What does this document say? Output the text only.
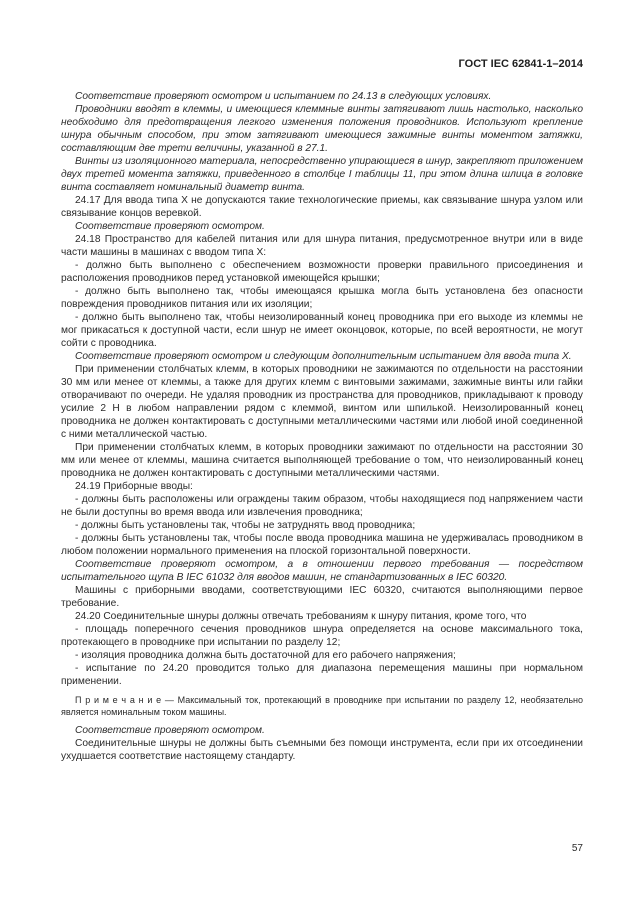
ГОСТ IEC 62841-1–2014

Соответствие проверяют осмотром и испытанием по 24.13 в следующих условиях.

Проводники вводят в клеммы, и имеющиеся клеммные винты затягивают лишь настолько, насколько необходимо для предотвращения легкого изменения положения проводников. Используют крепление шнура обычным способом, при этом затягивают имеющиеся зажимные винты моментом затяжки, составляющим две трети величины, указанной в 27.1.

Винты из изоляционного материала, непосредственно упирающиеся в шнур, закрепляют приложением двух третей момента затяжки, приведенного в столбце I таблицы 11, при этом длина шлица в головке винта составляет номинальный диаметр винта.

24.17 Для ввода типа X не допускаются такие технологические приемы, как связывание шнура узлом или связывание концов веревкой.

Соответствие проверяют осмотром.

24.18 Пространство для кабелей питания или для шнура питания, предусмотренное внутри или в виде части машины в машинах с вводом типа X:

- должно быть выполнено с обеспечением возможности проверки правильного присоединения и расположения проводников перед установкой имеющейся крышки;

- должно быть выполнено так, чтобы имеющаяся крышка могла быть установлена без опасности повреждения проводников питания или их изоляции;

- должно быть выполнено так, чтобы неизолированный конец проводника при его выходе из клеммы не мог прикасаться к доступной части, если шнур не имеет оконцовок, которые, по всей вероятности, не могут сойти с проводника.

Соответствие проверяют осмотром и следующим дополнительным испытанием для ввода типа X.

При применении столбчатых клемм, в которых проводники не зажимаются по отдельности на расстоянии 30 мм или менее от клеммы, а также для других клемм с винтовыми зажимами, зажимные винты или гайки отворачивают по очереди. Не удаляя проводник из пространства для проводников, прикладывают к проводу усилие 2 Н в любом направлении рядом с клеммой, винтом или шпилькой. Неизолированный конец проводника не должен контактировать с доступными металлическими частями или любой иной соединенной с ними металлической частью.

При применении столбчатых клемм, в которых проводники зажимают по отдельности на расстоянии 30 мм или менее от клеммы, машина считается выполняющей требование о том, что неизолированный конец проводника не должен контактировать с доступными металлическими частями.

24.19 Приборные вводы:

- должны быть расположены или ограждены таким образом, чтобы находящиеся под напряжением части не были доступны во время ввода или извлечения проводника;

- должны быть установлены так, чтобы не затруднять ввод проводника;

- должны быть установлены так, чтобы после ввода проводника машина не удерживалась проводником в любом положении нормального применения на плоской горизонтальной поверхности.

Соответствие проверяют осмотром, а в отношении первого требования — посредством испытательного щупа B IEC 61032 для вводов машин, не стандартизованных в IEC 60320.

Машины с приборными вводами, соответствующими IEC 60320, считаются выполняющими первое требование.

24.20 Соединительные шнуры должны отвечать требованиям к шнуру питания, кроме того, что

- площадь поперечного сечения проводников шнура определяется на основе максимального тока, протекающего в проводнике при испытании по разделу 12;

- изоляция проводника должна быть достаточной для его рабочего напряжения;

- испытание по 24.20 проводится только для диапазона перемещения машины при нормальном применении.

П р и м е ч а н и е — Максимальный ток, протекающий в проводнике при испытании по разделу 12, необязательно является номинальным током машины.

Соответствие проверяют осмотром.

Соединительные шнуры не должны быть съемными без помощи инструмента, если при их отсоединении ухудшается соответствие настоящему стандарту.

57
